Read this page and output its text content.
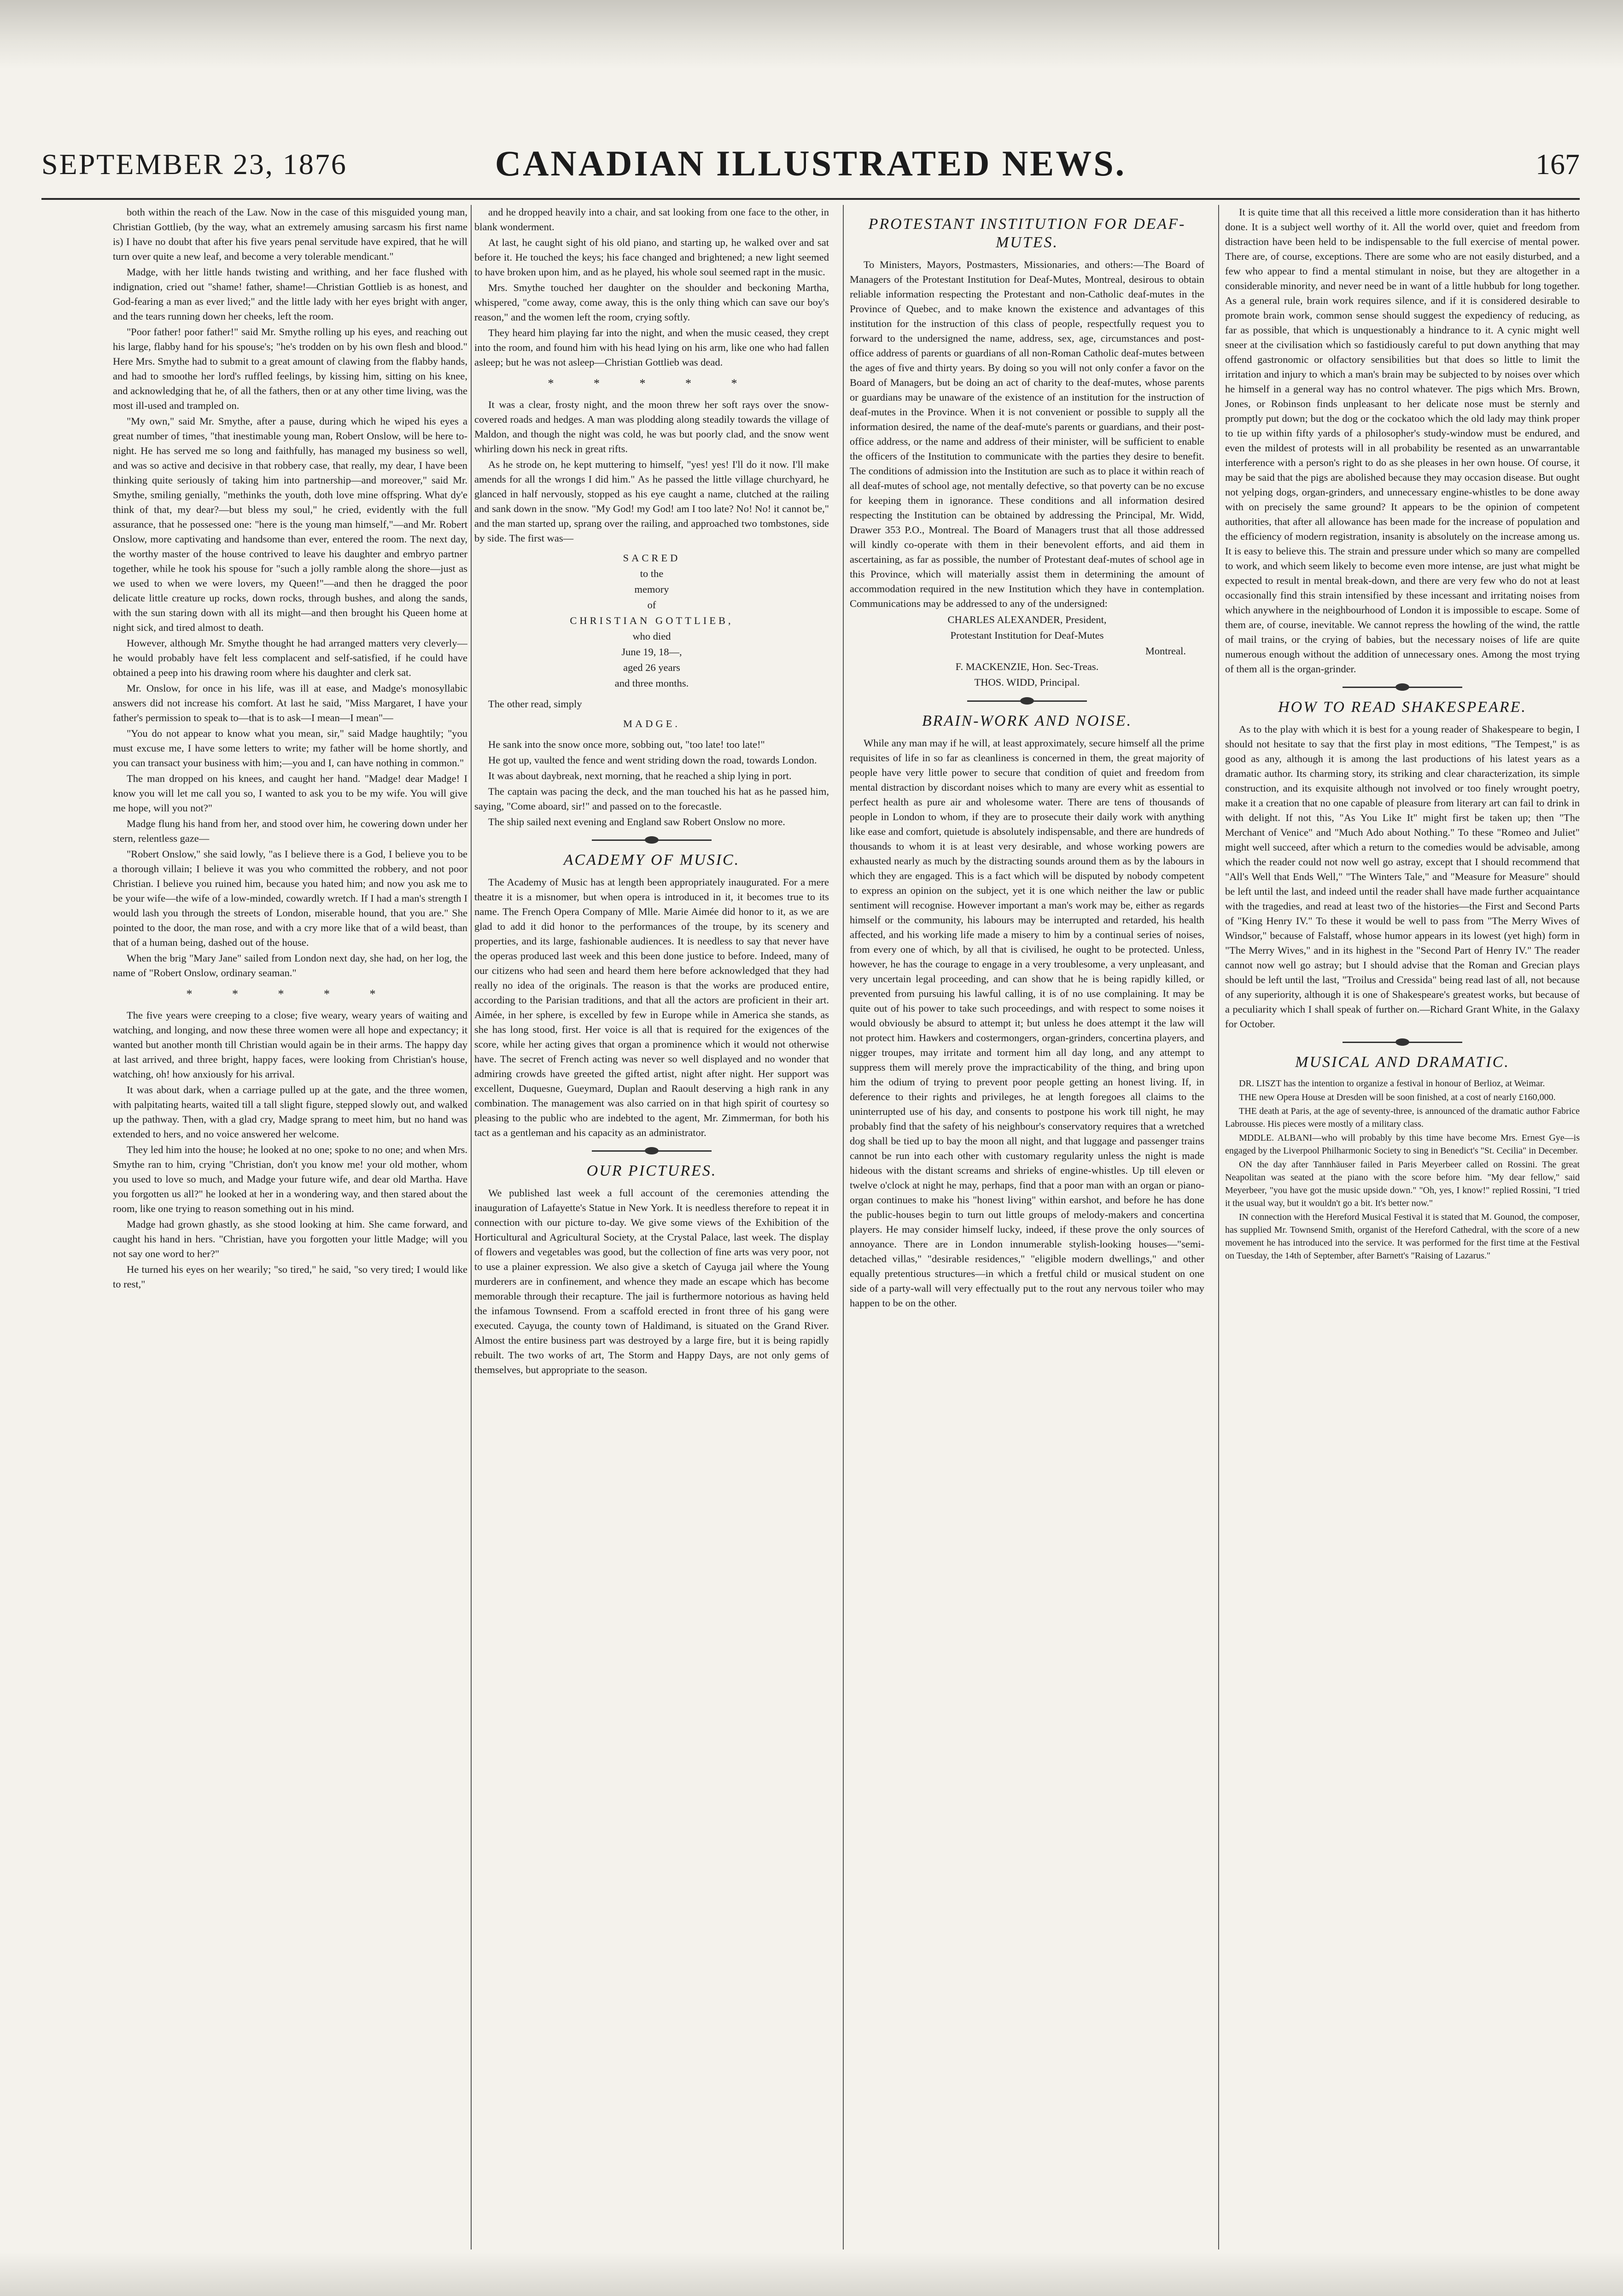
SEPTEMBER 23, 1876	CANADIAN ILLUSTRATED NEWS.	167

both within the reach of the Law. Now in the case of this misguided young man, Christian Gottlieb, (by the way, what an extremely amusing sarcasm his first name is) I have no doubt that after his five years penal servitude have expired, that he will turn over quite a new leaf, and become a very tolerable mendicant."

Madge, with her little hands twisting and writhing, and her face flushed with indignation, cried out "shame! father, shame!—Christian Gottlieb is as honest, and God-fearing a man as ever lived;" and the little lady with her eyes bright with anger, and the tears running down her cheeks, left the room.

"Poor father! poor father!" said Mr. Smythe rolling up his eyes, and reaching out his large, flabby hand for his spouse's; "he's trodden on by his own flesh and blood." Here Mrs. Smythe had to submit to a great amount of clawing from the flabby hands, and had to smoothe her lord's ruffled feelings, by kissing him, sitting on his knee, and acknowledging that he, of all the fathers, then or at any other time living, was the most ill-used and trampled on.

"My own," said Mr. Smythe, after a pause, during which he wiped his eyes a great number of times, "that inestimable young man, Robert Onslow, will be here to-night. He has served me so long and faithfully, has managed my business so well, and was so active and decisive in that robbery case, that really, my dear, I have been thinking quite seriously of taking him into partnership—and moreover," said Mr. Smythe, smiling genially, "methinks the youth, doth love mine offspring. What dy'e think of that, my dear?—but bless my soul," he cried, evidently with the full assurance, that he possessed one: "here is the young man himself,"—and Mr. Robert Onslow, more captivating and handsome than ever, entered the room. The next day, the worthy master of the house contrived to leave his daughter and embryo partner together, while he took his spouse for "such a jolly ramble along the shore—just as we used to when we were lovers, my Queen!"—and then he dragged the poor delicate little creature up rocks, down rocks, through bushes, and along the sands, with the sun staring down with all its might—and then brought his Queen home at night sick, and tired almost to death.

However, although Mr. Smythe thought he had arranged matters very cleverly—he would probably have felt less complacent and self-satisfied, if he could have obtained a peep into his drawing room where his daughter and clerk sat.

Mr. Onslow, for once in his life, was ill at ease, and Madge's monosyllabic answers did not increase his comfort. At last he said, "Miss Margaret, I have your father's permission to speak to—that is to ask—I mean—I mean"—

"You do not appear to know what you mean, sir," said Madge haughtily; "you must excuse me, I have some letters to write; my father will be home shortly, and you can transact your business with him;—you and I, can have nothing in common."

The man dropped on his knees, and caught her hand. "Madge! dear Madge! I know you will let me call you so, I wanted to ask you to be my wife. You will give me hope, will you not?"

Madge flung his hand from her, and stood over him, he cowering down under her stern, relentless gaze—

"Robert Onslow," she said lowly, "as I believe there is a God, I believe you to be a thorough villain; I believe it was you who committed the robbery, and not poor Christian. I believe you ruined him, because you hated him; and now you ask me to be your wife—the wife of a low-minded, cowardly wretch. If I had a man's strength I would lash you through the streets of London, miserable hound, that you are." She pointed to the door, the man rose, and with a cry more like that of a wild beast, than that of a human being, dashed out of the house.

When the brig "Mary Jane" sailed from London next day, she had, on her log, the name of "Robert Onslow, ordinary seaman."

* * * * *

The five years were creeping to a close; five weary, weary years of waiting and watching, and longing, and now these three women were all hope and expectancy; it wanted but another month till Christian would again be in their arms. The happy day at last arrived, and three bright, happy faces, were looking from Christian's house, watching, oh! how anxiously for his arrival.

It was about dark, when a carriage pulled up at the gate, and the three women, with palpitating hearts, waited till a tall slight figure, stepped slowly out, and walked up the pathway. Then, with a glad cry, Madge sprang to meet him, but no hand was extended to hers, and no voice answered her welcome.

They led him into the house; he looked at no one; spoke to no one; and when Mrs. Smythe ran to him, crying "Christian, don't you know me! your old mother, whom you used to love so much, and Madge your future wife, and dear old Martha. Have you forgotten us all?" he looked at her in a wondering way, and then stared about the room, like one trying to reason something out in his mind.

Madge had grown ghastly, as she stood looking at him. She came forward, and caught his hand in hers. "Christian, have you forgotten your little Madge; will you not say one word to her?"

He turned his eyes on her wearily; "so tired," he said, "so very tired; I would like to rest,"

and he dropped heavily into a chair, and sat looking from one face to the other, in blank wonderment.

At last, he caught sight of his old piano, and starting up, he walked over and sat before it. He touched the keys; his face changed and brightened; a new light seemed to have broken upon him, and as he played, his whole soul seemed rapt in the music.

Mrs. Smythe touched her daughter on the shoulder and beckoning Martha, whispered, "come away, come away, this is the only thing which can save our boy's reason," and the women left the room, crying softly.

They heard him playing far into the night, and when the music ceased, they crept into the room, and found him with his head lying on his arm, like one who had fallen asleep; but he was not asleep—Christian Gottlieb was dead.

* * * * *

It was a clear, frosty night, and the moon threw her soft rays over the snow-covered roads and hedges. A man was plodding along steadily towards the village of Maldon, and though the night was cold, he was but poorly clad, and the snow went whirling down his neck in great rifts.

As he strode on, he kept muttering to himself, "yes! yes! I'll do it now. I'll make amends for all the wrongs I did him." As he passed the little village churchyard, he glanced in half nervously, stopped as his eye caught a name, clutched at the railing and sank down in the snow. "My God! my God! am I too late? No! No! it cannot be," and the man started up, sprang over the railing, and approached two tombstones, side by side. The first was—

SACRED
to the
memory
of
CHRISTIAN GOTTLIEB,
who died
June 19, 18—,
aged 26 years
and three months.

The other read, simply

MADGE.

He sank into the snow once more, sobbing out, "too late! too late!"

He got up, vaulted the fence and went striding down the road, towards London.

It was about daybreak, next morning, that he reached a ship lying in port.

The captain was pacing the deck, and the man touched his hat as he passed him, saying, "Come aboard, sir!" and passed on to the forecastle.

The ship sailed next evening and England saw Robert Onslow no more.

ACADEMY OF MUSIC.

The Academy of Music has at length been appropriately inaugurated. For a mere theatre it is a misnomer, but when opera is introduced in it, it becomes true to its name. The French Opera Company of Mlle. Marie Aimée did honor to it, as we are glad to add it did honor to the performances of the troupe, by its scenery and properties, and its large, fashionable audiences. It is needless to say that never have the operas produced last week and this been done justice to before. Indeed, many of our citizens who had seen and heard them here before acknowledged that they had really no idea of the originals. The reason is that the works are produced entire, according to the Parisian traditions, and that all the actors are proficient in their art. Aimée, in her sphere, is excelled by few in Europe while in America she stands, as she has long stood, first. Her voice is all that is required for the exigences of the score, while her acting gives that organ a prominence which it would not otherwise have. The secret of French acting was never so well displayed and no wonder that admiring crowds have greeted the gifted artist, night after night. Her support was excellent, Duquesne, Gueymard, Duplan and Raoult deserving a high rank in any combination. The management was also carried on in that high spirit of courtesy so pleasing to the public who are indebted to the agent, Mr. Zimmerman, for both his tact as a gentleman and his capacity as an administrator.

OUR PICTURES.

We published last week a full account of the ceremonies attending the inauguration of Lafayette's Statue in New York. It is needless therefore to repeat it in connection with our picture to-day. We give some views of the Exhibition of the Horticultural and Agricultural Society, at the Crystal Palace, last week. The display of flowers and vegetables was good, but the collection of fine arts was very poor, not to use a plainer expression. We also give a sketch of Cayuga jail where the Young murderers are in confinement, and whence they made an escape which has become memorable through their recapture. The jail is furthermore notorious as having held the infamous Townsend. From a scaffold erected in front three of his gang were executed. Cayuga, the county town of Haldimand, is situated on the Grand River. Almost the entire business part was destroyed by a large fire, but it is being rapidly rebuilt. The two works of art, The Storm and Happy Days, are not only gems of themselves, but appropriate to the season.

PROTESTANT INSTITUTION FOR DEAF-MUTES.

To Ministers, Mayors, Postmasters, Missionaries, and others:—The Board of Managers of the Protestant Institution for Deaf-Mutes, Montreal, desirous to obtain reliable information respecting the Protestant and non-Catholic deaf-mutes in the Province of Quebec, and to make known the existence and advantages of this institution for the instruction of this class of people, respectfully request you to forward to the undersigned the name, address, sex, age, circumstances and post-office address of parents or guardians of all non-Roman Catholic deaf-mutes between the ages of five and thirty years. By doing so you will not only confer a favor on the Board of Managers, but be doing an act of charity to the deaf-mutes, whose parents or guardians may be unaware of the existence of an institution for the instruction of deaf-mutes in the Province. When it is not convenient or possible to supply all the information desired, the name of the deaf-mute's parents or guardians, and their post-office address, or the name and address of their minister, will be sufficient to enable the officers of the Institution to communicate with the parties they desire to benefit. The conditions of admission into the Institution are such as to place it within reach of all deaf-mutes of school age, not mentally defective, so that poverty can be no excuse for keeping them in ignorance. These conditions and all information desired respecting the Institution can be obtained by addressing the Principal, Mr. Widd, Drawer 353 P.O., Montreal. The Board of Managers trust that all those addressed will kindly co-operate with them in their benevolent efforts, and aid them in ascertaining, as far as possible, the number of Protestant deaf-mutes of school age in this Province, which will materially assist them in determining the amount of accommodation required in the new Institution which they have in contemplation. Communications may be addressed to any of the undersigned:

CHARLES ALEXANDER, President,
Protestant Institution for Deaf-Mutes
Montreal.
F. MACKENZIE, Hon. Sec-Treas.
THOS. WIDD, Principal.
BRAIN-WORK AND NOISE.

While any man may if he will, at least approximately, secure himself all the prime requisites of life in so far as cleanliness is concerned in them, the great majority of people have very little power to secure that condition of quiet and freedom from mental distraction by discordant noises which to many are every whit as essential to perfect health as pure air and wholesome water. There are tens of thousands of people in London to whom, if they are to prosecute their daily work with anything like ease and comfort, quietude is absolutely indispensable, and there are hundreds of thousands to whom it is at least very desirable, and whose working powers are exhausted nearly as much by the distracting sounds around them as by the labours in which they are engaged. This is a fact which will be disputed by nobody competent to express an opinion on the subject, yet it is one which neither the law or public sentiment will recognise. However important a man's work may be, either as regards himself or the community, his labours may be interrupted and retarded, his health affected, and his working life made a misery to him by a continual series of noises, from every one of which, by all that is civilised, he ought to be protected. Unless, however, he has the courage to engage in a very troublesome, a very unpleasant, and very uncertain legal proceeding, and can show that he is being rapidly killed, or prevented from pursuing his lawful calling, it is of no use complaining. It may be quite out of his power to take such proceedings, and with respect to some noises it would obviously be absurd to attempt it; but unless he does attempt it the law will not protect him. Hawkers and costermongers, organ-grinders, concertina players, and nigger troupes, may irritate and torment him all day long, and any attempt to suppress them will merely prove the impracticability of the thing, and bring upon him the odium of trying to prevent poor people getting an honest living. If, in deference to their rights and privileges, he at length foregoes all claims to the uninterrupted use of his day, and consents to postpone his work till night, he may probably find that the safety of his neighbour's conservatory requires that a wretched dog shall be tied up to bay the moon all night, and that luggage and passenger trains cannot be run into each other with customary regularity unless the night is made hideous with the distant screams and shrieks of engine-whistles. Up till eleven or twelve o'clock at night he may, perhaps, find that a poor man with an organ or piano-organ continues to make his "honest living" within earshot, and before he has done the public-houses begin to turn out little groups of melody-makers and concertina players. He may consider himself lucky, indeed, if these prove the only sources of annoyance. There are in London innumerable stylish-looking houses—"semi-detached villas," "desirable residences," "eligible modern dwellings," and other equally pretentious structures—in which a fretful child or musical student on one side of a party-wall will very effectually put to the rout any nervous toiler who may happen to be on the other.

It is quite time that all this received a little more consideration than it has hitherto done. It is a subject well worthy of it. All the world over, quiet and freedom from distraction have been held to be indispensable to the full exercise of mental power. There are, of course, exceptions. There are some who are not easily disturbed, and a few who appear to find a mental stimulant in noise, but they are altogether in a considerable minority, and never need be in want of a little hubbub for long together. As a general rule, brain work requires silence, and if it is considered desirable to promote brain work, common sense should suggest the expediency of reducing, as far as possible, that which is unquestionably a hindrance to it. A cynic might well sneer at the civilisation which so fastidiously careful to put down anything that may offend gastronomic or olfactory sensibilities but that does so little to limit the irritation and injury to which a man's brain may be subjected to by noises over which he himself in a general way has no control whatever. The pigs which Mrs. Brown, Jones, or Robinson finds unpleasant to her delicate nose must be sternly and promptly put down; but the dog or the cockatoo which the old lady may think proper to tie up within fifty yards of a philosopher's study-window must be endured, and even the mildest of protests will in all probability be resented as an unwarrantable interference with a person's right to do as she pleases in her own house. Of course, it may be said that the pigs are abolished because they may occasion disease. But ought not yelping dogs, organ-grinders, and unnecessary engine-whistles to be done away with on precisely the same ground? It appears to be the opinion of competent authorities, that after all allowance has been made for the increase of population and the efficiency of modern registration, insanity is absolutely on the increase among us. It is easy to believe this. The strain and pressure under which so many are compelled to work, and which seem likely to become even more intense, are just what might be expected to result in mental break-down, and there are very few who do not at least occasionally find this strain intensified by these incessant and irritating noises from which anywhere in the neighbourhood of London it is impossible to escape. Some of them are, of course, inevitable. We cannot repress the howling of the wind, the rattle of mail trains, or the crying of babies, but the necessary noises of life are quite numerous enough without the addition of unnecessary ones. Among the most trying of them all is the organ-grinder.

HOW TO READ SHAKESPEARE.

As to the play with which it is best for a young reader of Shakespeare to begin, I should not hesitate to say that the first play in most editions, "The Tempest," is as good as any, although it is among the last productions of his latest years as a dramatic author. Its charming story, its striking and clear characterization, its simple construction, and its exquisite although not involved or too finely wrought poetry, make it a creation that no one capable of pleasure from literary art can fail to drink in with delight. If not this, "As You Like It" might first be taken up; then "The Merchant of Venice" and "Much Ado about Nothing." To these "Romeo and Juliet" might well succeed, after which a return to the comedies would be advisable, among which the reader could not now well go astray, except that I should recommend that "All's Well that Ends Well," "The Winters Tale," and "Measure for Measure" should be left until the last, and indeed until the reader shall have made further acquaintance with the tragedies, and read at least two of the histories—the First and Second Parts of "King Henry IV." To these it would be well to pass from "The Merry Wives of Windsor," because of Falstaff, whose humor appears in its lowest (yet high) form in "The Merry Wives," and in its highest in the "Second Part of Henry IV." The reader cannot now well go astray; but I should advise that the Roman and Grecian plays should be left until the last, "Troilus and Cressida" being read last of all, not because of any superiority, although it is one of Shakespeare's greatest works, but because of a peculiarity which I shall speak of further on.—Richard Grant White, in the Galaxy for October.

MUSICAL AND DRAMATIC.

DR. LISZT has the intention to organize a festival in honour of Berlioz, at Weimar.

THE new Opera House at Dresden will be soon finished, at a cost of nearly £160,000.

THE death at Paris, at the age of seventy-three, is announced of the dramatic author Fabrice Labrousse. His pieces were mostly of a military class.

MDDLE. ALBANI—who will probably by this time have become Mrs. Ernest Gye—is engaged by the Liverpool Philharmonic Society to sing in Benedict's "St. Cecilia" in December.

ON the day after Tannhäuser failed in Paris Meyerbeer called on Rossini. The great Neapolitan was seated at the piano with the score before him. "My dear fellow," said Meyerbeer, "you have got the music upside down." "Oh, yes, I know!" replied Rossini, "I tried it the usual way, but it wouldn't go a bit. It's better now."

IN connection with the Hereford Musical Festival it is stated that M. Gounod, the composer, has supplied Mr. Townsend Smith, organist of the Hereford Cathedral, with the score of a new movement he has introduced into the service. It was performed for the first time at the Festival on Tuesday, the 14th of September, after Barnett's "Raising of Lazarus."
